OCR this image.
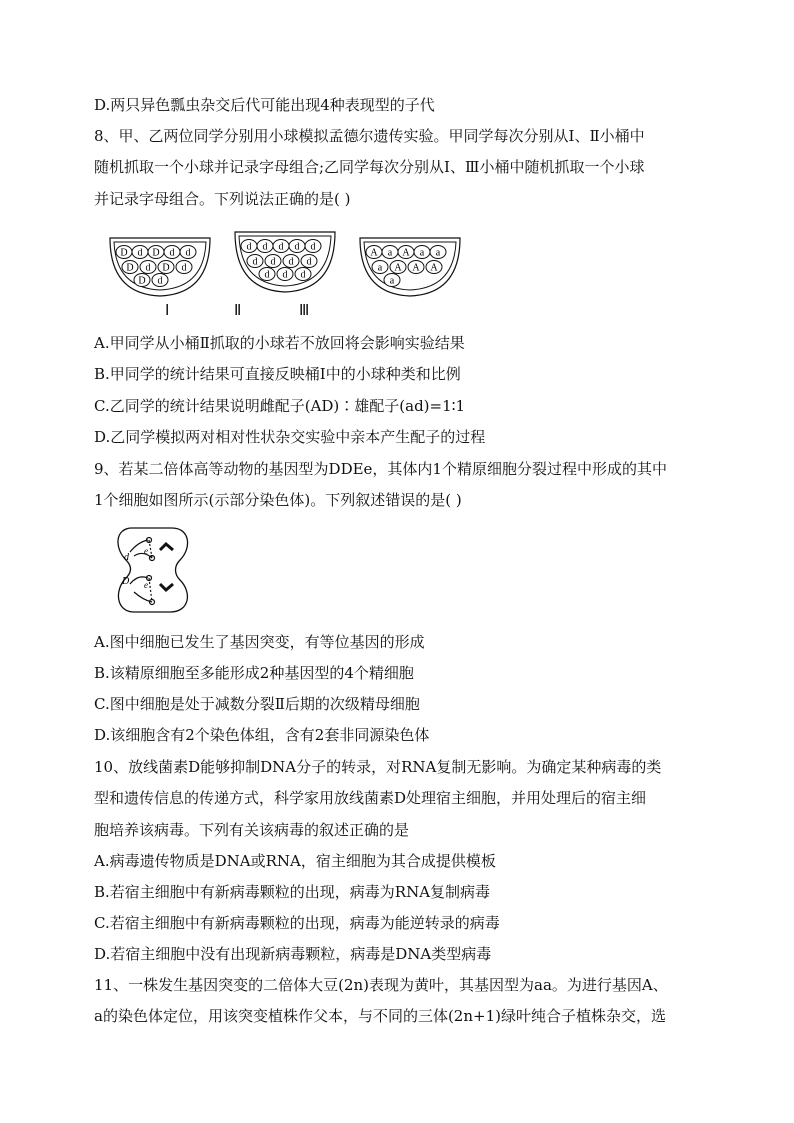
D.两只异色瓢虫杂交后代可能出现4种表现型的子代
8、甲、乙两位同学分别用小球模拟孟德尔遗传实验。甲同学每次分别从Ⅰ、Ⅱ小桶中
随机抓取一个小球并记录字母组合;乙同学每次分别从Ⅰ、Ⅲ小桶中随机抓取一个小球
并记录字母组合。下列说法正确的是( )
D d D d d
D d D d
D d
d d d d d
d d d d
d d d
A a A a a
a A A A
a
Ⅰ	Ⅱ	Ⅲ
A.甲同学从小桶Ⅱ抓取的小球若不放回将会影响实验结果
B.甲同学的统计结果可直接反映桶Ⅰ中的小球种类和比例
C.乙同学的统计结果说明雌配子(AD)∶雄配子(ad)=1∶1
D.乙同学模拟两对相对性状杂交实验中亲本产生配子的过程
9、若某二倍体高等动物的基因型为DDEe，其体内1个精原细胞分裂过程中形成的其中
1个细胞如图所示(示部分染色体)。下列叙述错误的是( )
d
e
D e
A.图中细胞已发生了基因突变，有等位基因的形成
B.该精原细胞至多能形成2种基因型的4个精细胞
C.图中细胞是处于减数分裂Ⅱ后期的次级精母细胞
D.该细胞含有2个染色体组，含有2套非同源染色体
10、放线菌素D能够抑制DNA分子的转录，对RNA复制无影响。为确定某种病毒的类
型和遗传信息的传递方式，科学家用放线菌素D处理宿主细胞，并用处理后的宿主细
胞培养该病毒。下列有关该病毒的叙述正确的是
A.病毒遗传物质是DNA或RNA，宿主细胞为其合成提供模板
B.若宿主细胞中有新病毒颗粒的出现，病毒为RNA复制病毒
C.若宿主细胞中有新病毒颗粒的出现，病毒为能逆转录的病毒
D.若宿主细胞中没有出现新病毒颗粒，病毒是DNA类型病毒
11、一株发生基因突变的二倍体大豆(2n)表现为黄叶，其基因型为aa。为进行基因A、
a的染色体定位，用该突变植株作父本，与不同的三体(2n+1)绿叶纯合子植株杂交，选
